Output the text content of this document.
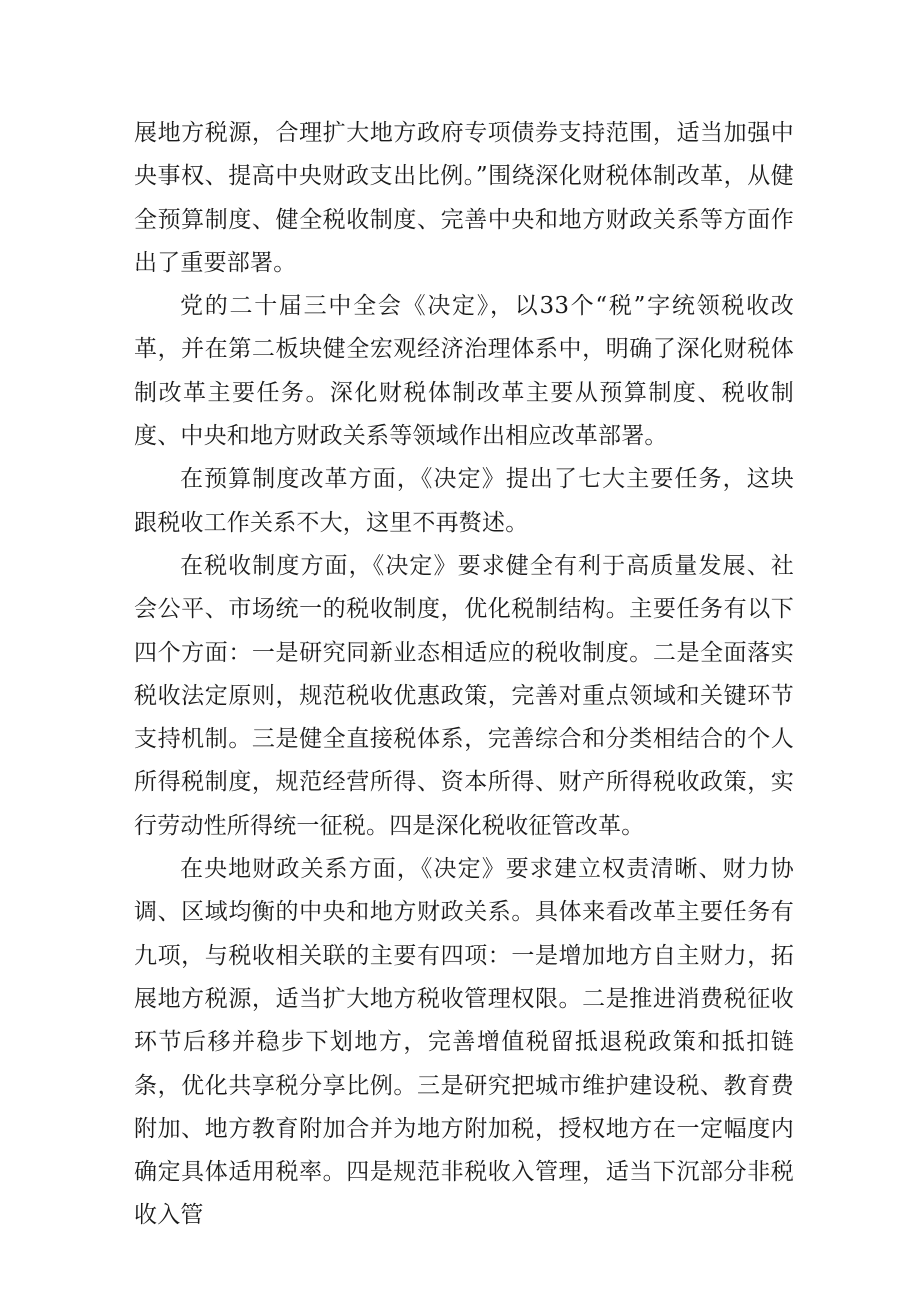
展地方税源，合理扩大地方政府专项债券支持范围，适当加强中央事权、提高中央财政支出比例。”围绕深化财税体制改革，从健全预算制度、健全税收制度、完善中央和地方财政关系等方面作出了重要部署。

党的二十届三中全会《决定》，以33个“税”字统领税收改革，并在第二板块健全宏观经济治理体系中，明确了深化财税体制改革主要任务。深化财税体制改革主要从预算制度、税收制度、中央和地方财政关系等领域作出相应改革部署。

在预算制度改革方面，《决定》提出了七大主要任务，这块跟税收工作关系不大，这里不再赘述。

在税收制度方面，《决定》要求健全有利于高质量发展、社会公平、市场统一的税收制度，优化税制结构。主要任务有以下四个方面：一是研究同新业态相适应的税收制度。二是全面落实税收法定原则，规范税收优惠政策，完善对重点领域和关键环节支持机制。三是健全直接税体系，完善综合和分类相结合的个人所得税制度，规范经营所得、资本所得、财产所得税收政策，实行劳动性所得统一征税。四是深化税收征管改革。

在央地财政关系方面，《决定》要求建立权责清晰、财力协调、区域均衡的中央和地方财政关系。具体来看改革主要任务有九项，与税收相关联的主要有四项：一是增加地方自主财力，拓展地方税源，适当扩大地方税收管理权限。二是推进消费税征收环节后移并稳步下划地方，完善增值税留抵退税政策和抵扣链条，优化共享税分享比例。三是研究把城市维护建设税、教育费附加、地方教育附加合并为地方附加税，授权地方在一定幅度内确定具体适用税率。四是规范非税收入管理，适当下沉部分非税收入管
